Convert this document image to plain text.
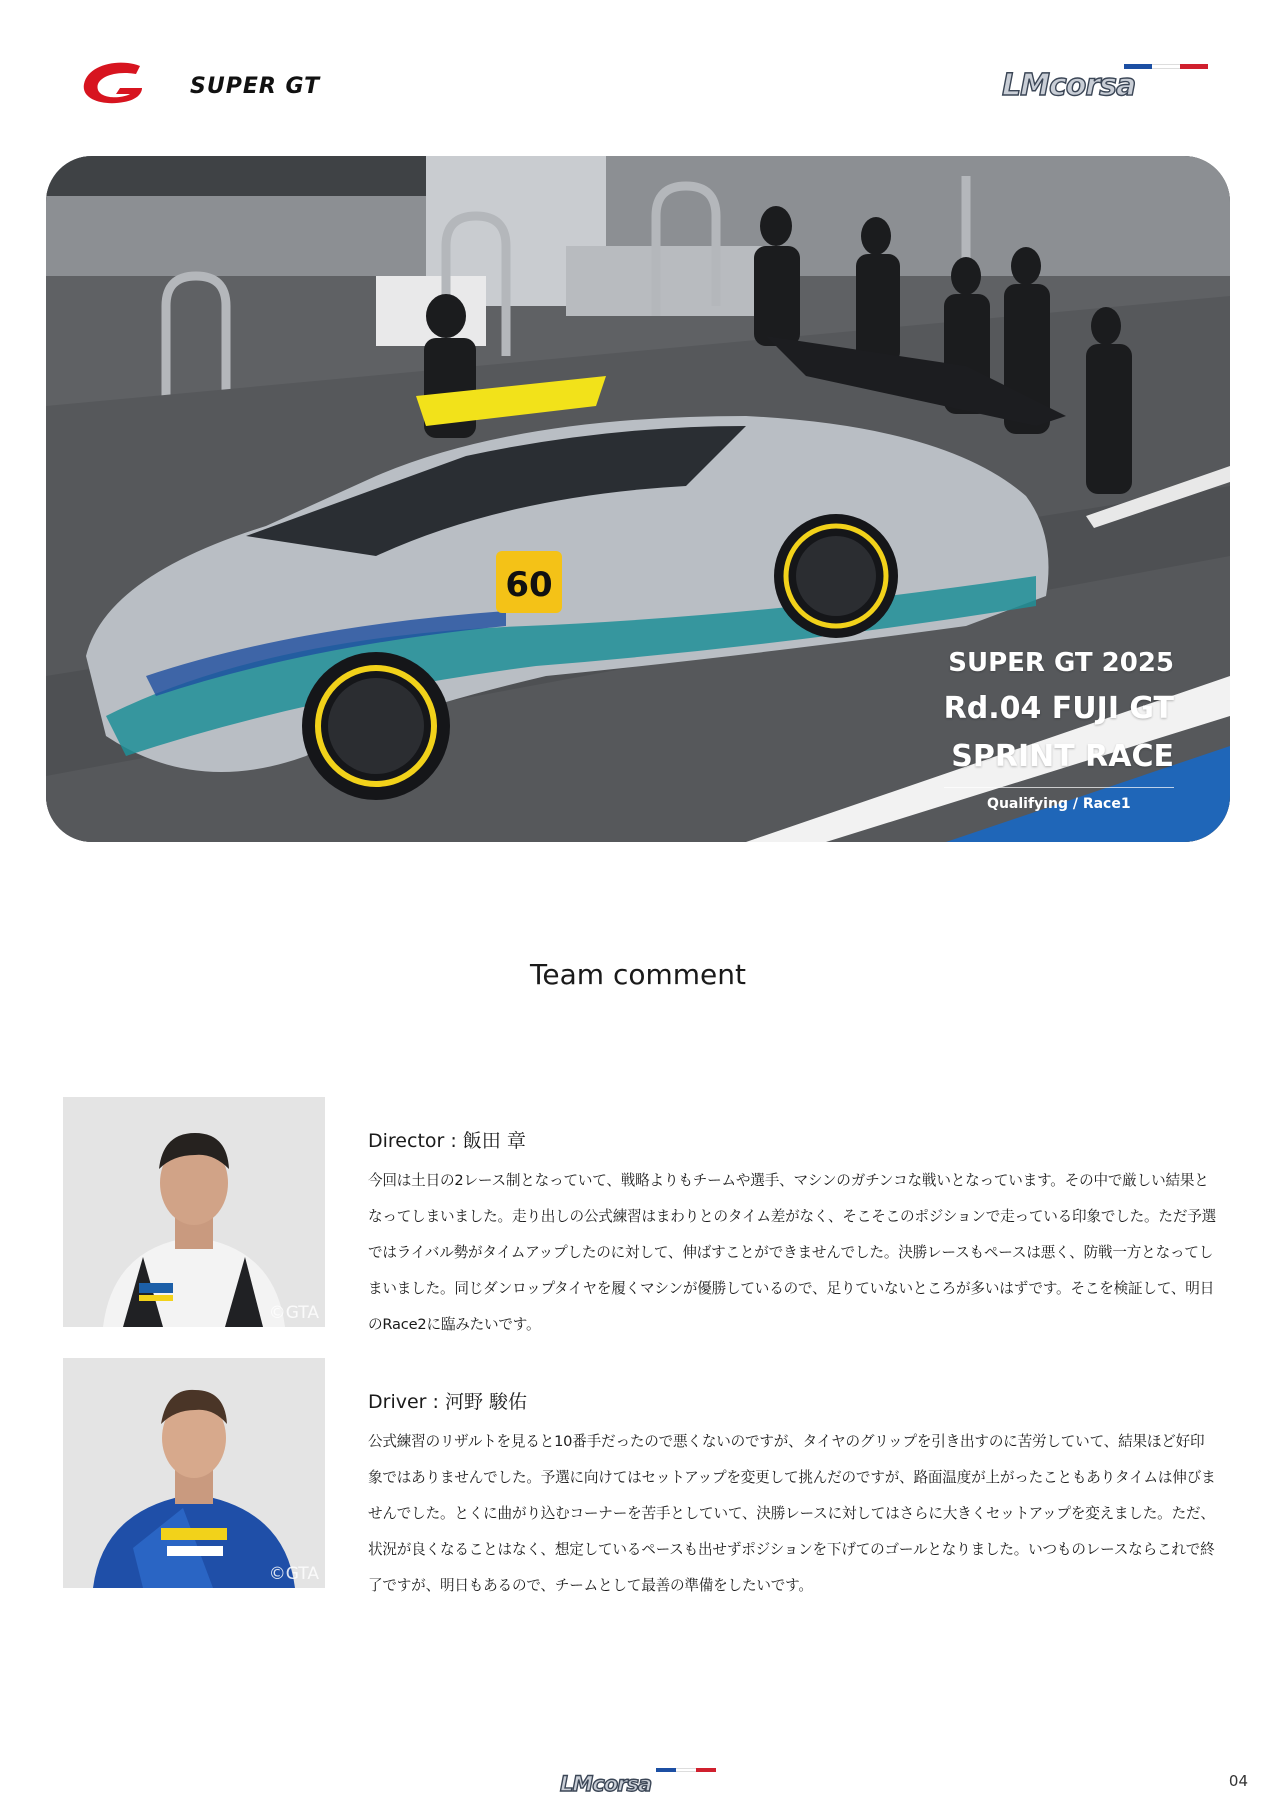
SUPER GT	LMcorsa
60
SUPER GT 2025
Rd.04 FUJI GT
SPRINT RACE
Qualifying / Race1
Team comment
©GTA
Director : 飯田 章
今回は土日の2レース制となっていて、戦略よりもチームや選手、マシンのガチンコな戦いとなっています。その中で厳しい結果となってしまいました。走り出しの公式練習はまわりとのタイム差がなく、そこそこのポジションで走っている印象でした。ただ予選ではライバル勢がタイムアップしたのに対して、伸ばすことができませんでした。決勝レースもペースは悪く、防戦一方となってしまいました。同じダンロップタイヤを履くマシンが優勝しているので、足りていないところが多いはずです。そこを検証して、明日のRace2に臨みたいです。
©GTA
Driver : 河野 駿佑
公式練習のリザルトを見ると10番手だったので悪くないのですが、タイヤのグリップを引き出すのに苦労していて、結果ほど好印象ではありませんでした。予選に向けてはセットアップを変更して挑んだのですが、路面温度が上がったこともありタイムは伸びませんでした。とくに曲がり込むコーナーを苦手としていて、決勝レースに対してはさらに大きくセットアップを変えました。ただ、状況が良くなることはなく、想定しているペースも出せずポジションを下げてのゴールとなりました。いつものレースならこれで終了ですが、明日もあるので、チームとして最善の準備をしたいです。
LMcorsa	04
